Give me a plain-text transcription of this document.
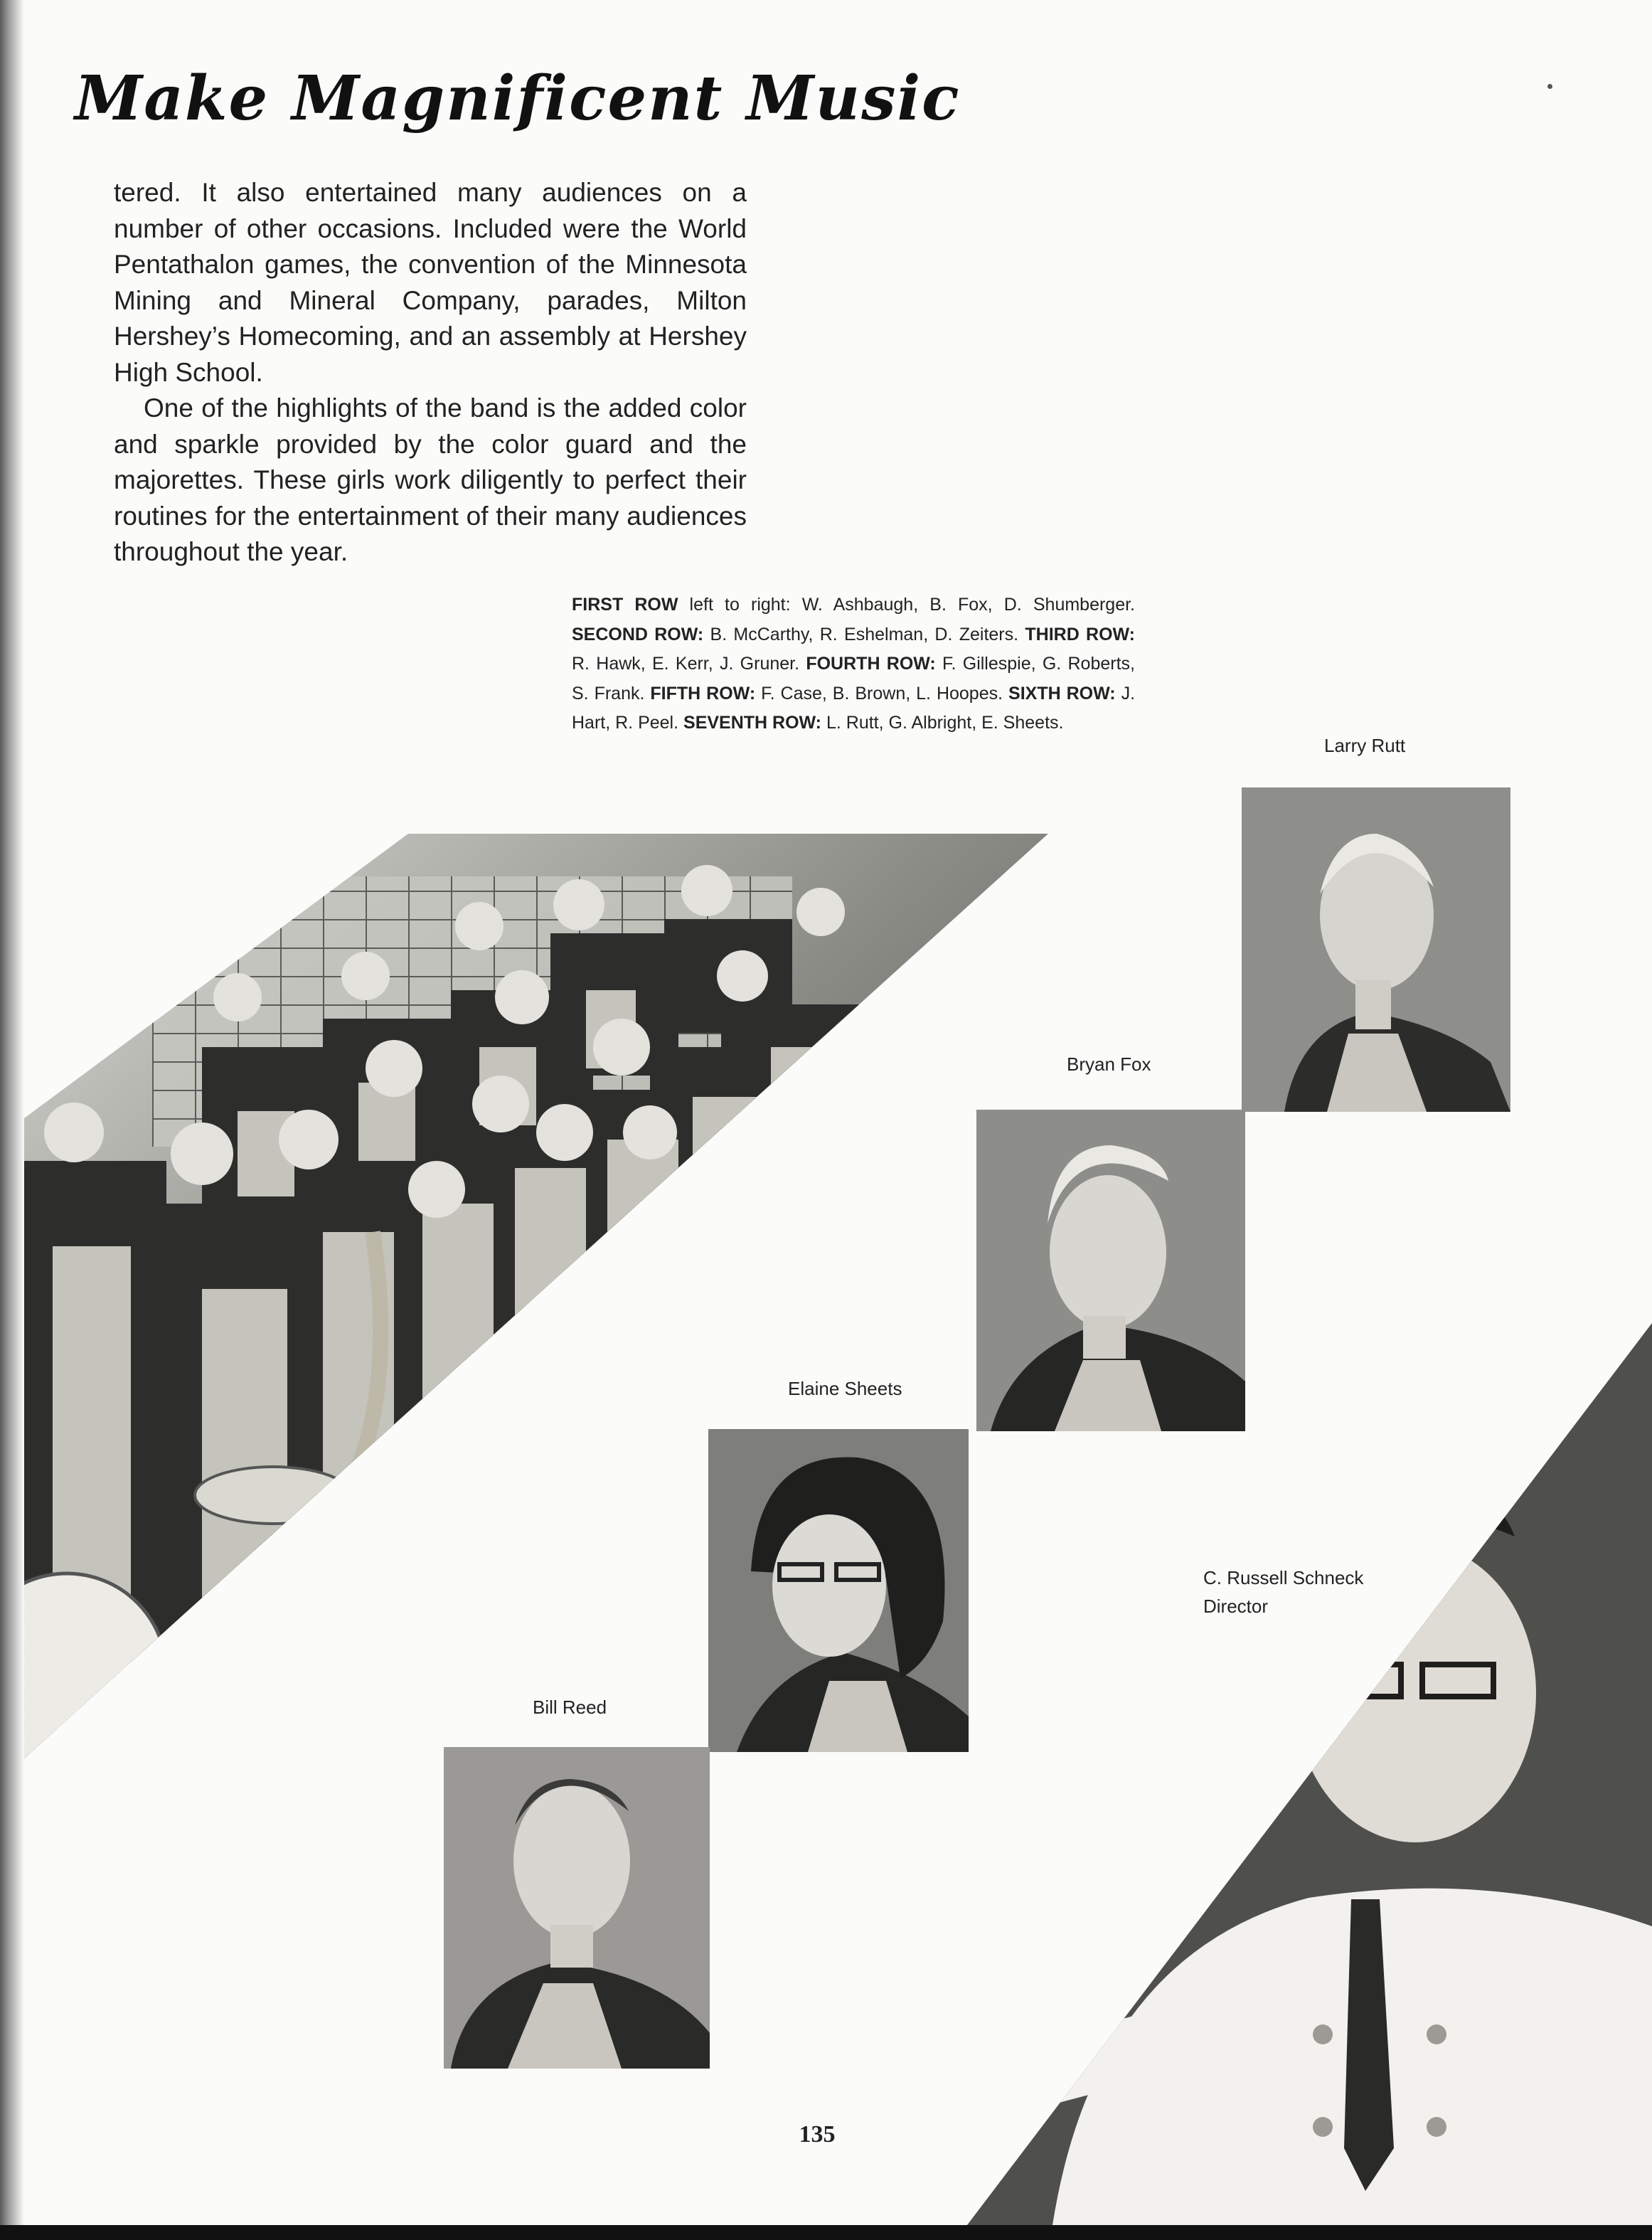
Make Magnificent Music

tered. It also entertained many audiences on a number of other occasions. Included were the World Pentathalon games, the convention of the Minnesota Mining and Mineral Company, parades, Milton Hershey’s Homecoming, and an assembly at Hershey High School.

One of the highlights of the band is the added color and sparkle provided by the color guard and the majorettes. These girls work diligently to perfect their routines for the entertainment of their many audiences throughout the year.

FIRST ROW left to right: W. Ashbaugh, B. Fox, D. Shumberger. SECOND ROW: B. McCarthy, R. Eshelman, D. Zeiters. THIRD ROW: R. Hawk, E. Kerr, J. Gruner. FOURTH ROW: F. Gillespie, G. Roberts, S. Frank. FIFTH ROW: F. Case, B. Brown, L. Hoopes. SIXTH ROW: J. Hart, R. Peel. SEVENTH ROW: L. Rutt, G. Albright, E. Sheets.
Larry Rutt
Bryan Fox
Elaine Sheets
Bill Reed
C. Russell Schneck
Director
135
